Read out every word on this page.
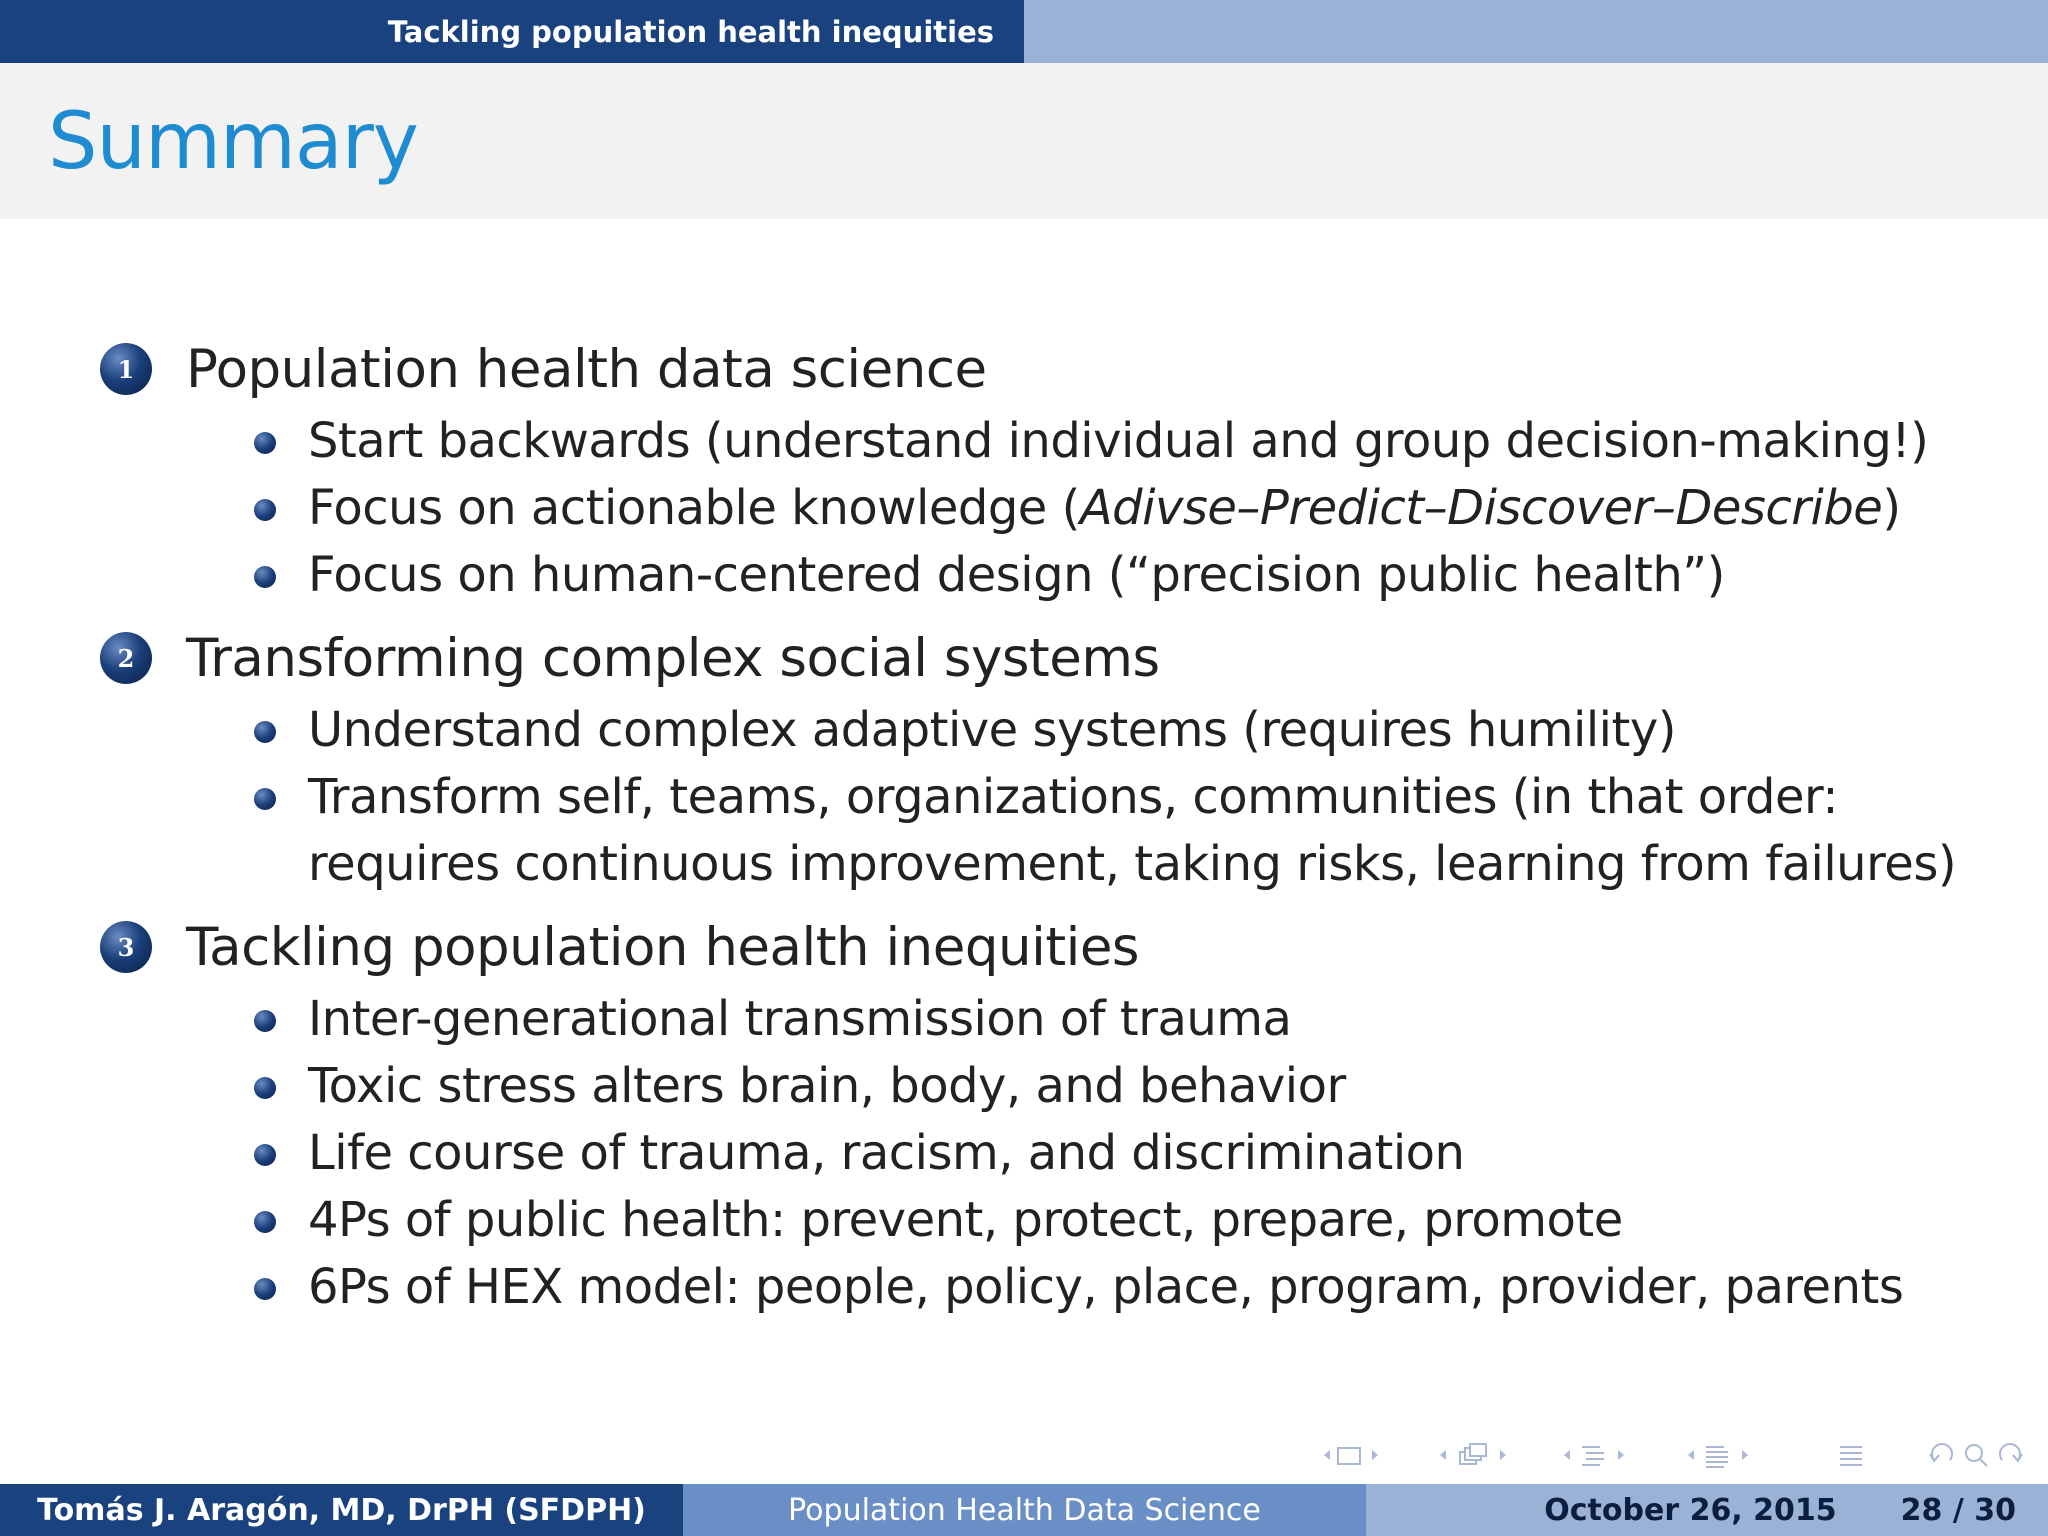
Tackling population health inequities
Summary
1 Population health data science
Start backwards (understand individual and group decision-making!)
Focus on actionable knowledge (Adivse–Predict–Discover–Describe)
Focus on human-centered design (“precision public health”)
2 Transforming complex social systems
Understand complex adaptive systems (requires humility)
Transform self, teams, organizations, communities (in that order:
requires continuous improvement, taking risks, learning from failures)
3 Tackling population health inequities
Inter-generational transmission of trauma
Toxic stress alters brain, body, and behavior
Life course of trauma, racism, and discrimination
4Ps of public health: prevent, protect, prepare, promote
6Ps of HEX model: people, policy, place, program, provider, parents
Tomás J. Aragón, MD, DrPH (SFDPH)	Population Health Data Science	October 26, 2015 28 / 30
